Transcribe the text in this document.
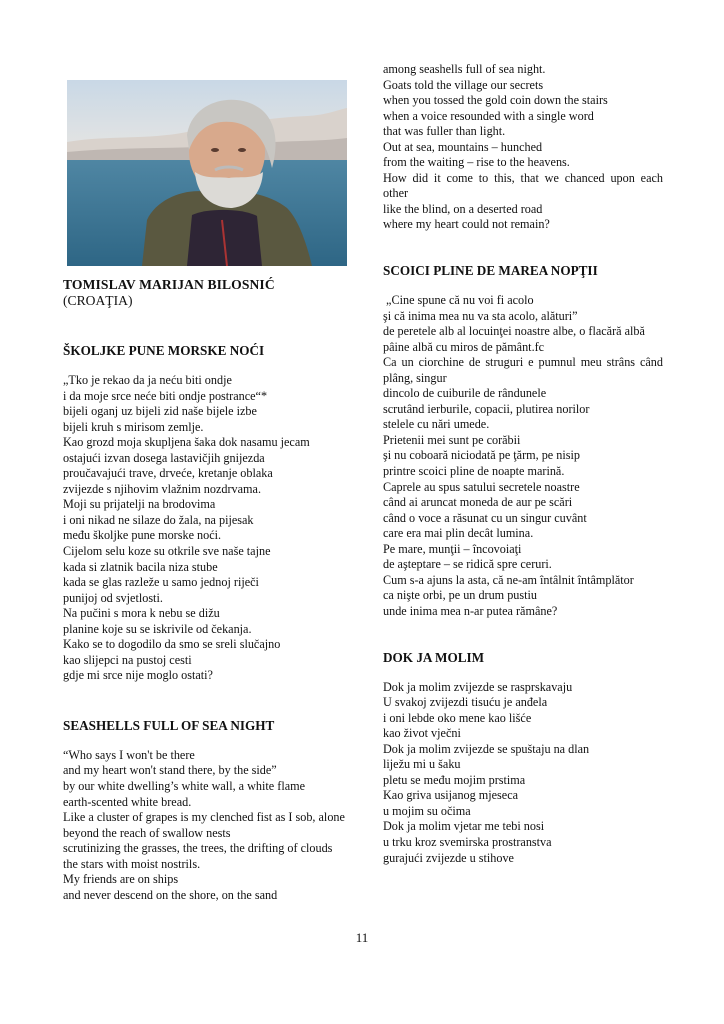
TOMISLAV MARIJAN BILOSNIĆ
(CROAŢIA)
ŠKOLJKE PUNE MORSKE NOĆI
„Tko je rekao da ja neću biti ondje
i da moje srce neće biti ondje postrance“*
bijeli oganj uz bijeli zid naše bijele izbe
bijeli kruh s mirisom zemlje.
Kao grozd moja skupljena šaka dok nasamu jecam
ostajući izvan dosega lastavičjih gnijezda
proučavajući trave, drveće, kretanje oblaka
zvijezde s njihovim vlažnim nozdrvama.
Moji su prijatelji na brodovima
i oni nikad ne silaze do žala, na pijesak
među školjke pune morske noći.
Cijelom selu koze su otkrile sve naše tajne
kada si zlatnik bacila niza stube
kada se glas razleže u samo jednoj riječi
punijoj od svjetlosti.
Na pučini s mora k nebu se dižu
planine koje su se iskrivile od čekanja.
Kako se to dogodilo da smo se sreli slučajno
kao slijepci na pustoj cesti
gdje mi srce nije moglo ostati?
SEASHELLS FULL OF SEA NIGHT
“Who says I won't be there
and my heart won't stand there, by the side”
by our white dwelling’s white wall, a white flame
earth-scented white bread.
Like a cluster of grapes is my clenched fist as I sob, alone
beyond the reach of swallow nests
scrutinizing the grasses, the trees, the drifting of clouds
the stars with moist nostrils.
My friends are on ships
and never descend on the shore, on the sand
among seashells full of sea night.
Goats told the village our secrets
when you tossed the gold coin down the stairs
when a voice resounded with a single word
that was fuller than light.
Out at sea, mountains – hunched
from the waiting – rise to the heavens.
How did it come to this, that we chanced upon each other
like the blind, on a deserted road
where my heart could not remain?
SCOICI PLINE DE MAREA NOPŢII
„Cine spune că nu voi fi acolo
şi că inima mea nu va sta acolo, alături”
de peretele alb al locuinţei noastre albe, o flacără albă
pâine albă cu miros de pământ.fc
Ca un ciorchine de struguri e pumnul meu strâns când plâng, singur
dincolo de cuiburile de rândunele
scrutând ierburile, copacii, plutirea norilor
stelele cu nări umede.
Prietenii mei sunt pe corăbii
şi nu coboară niciodată pe ţărm, pe nisip
printre scoici pline de noapte marină.
Caprele au spus satului secretele noastre
când ai aruncat moneda de aur pe scări
când o voce a răsunat cu un singur cuvânt
care era mai plin decât lumina.
Pe mare, munţii – încovoiaţi
de aşteptare – se ridică spre ceruri.
Cum s-a ajuns la asta, că ne-am întâlnit întâmplător
ca nişte orbi, pe un drum pustiu
unde inima mea n-ar putea rămâne?
DOK JA MOLIM
Dok ja molim zvijezde se rasprskavaju
U svakoj zvijezdi tisuću je anđela
i oni lebde oko mene kao lišće
kao život vječni
Dok ja molim zvijezde se spuštaju na dlan
liježu mi u šaku
pletu se među mojim prstima
Kao griva usijanog mjeseca
u mojim su očima
Dok ja molim vjetar me tebi nosi
u trku kroz svemirska prostranstva
gurajući zvijezde u stihove
11
